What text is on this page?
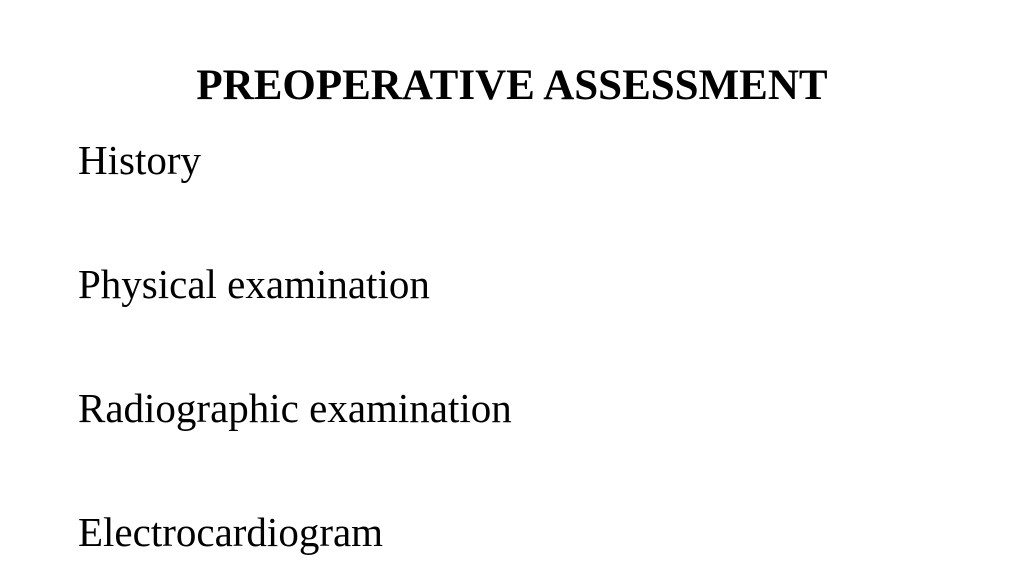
PREOPERATIVE ASSESSMENT
History
Physical examination
Radiographic examination
Electrocardiogram
